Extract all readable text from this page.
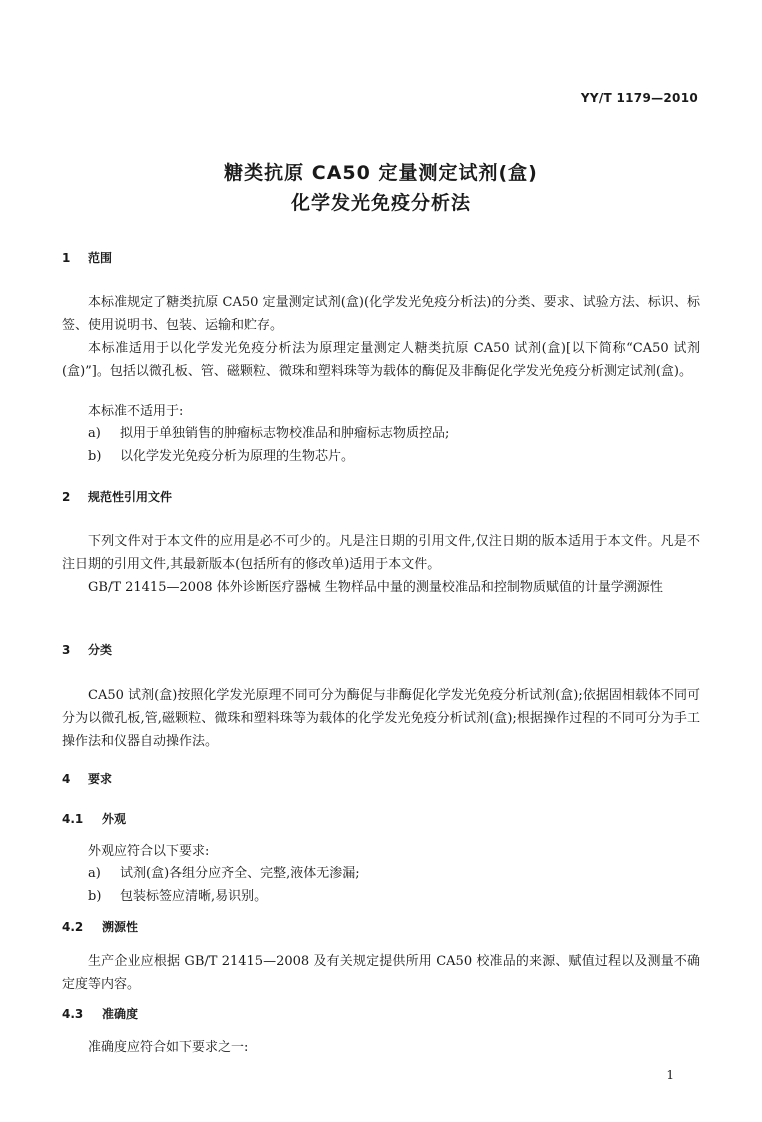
YY/T 1179—2010
糖类抗原 CA50 定量测定试剂(盒)
化学发光免疫分析法
1 范围
本标准规定了糖类抗原 CA50 定量测定试剂(盒)(化学发光免疫分析法)的分类、要求、试验方法、标识、标签、使用说明书、包装、运输和贮存。
本标准适用于以化学发光免疫分析法为原理定量测定人糖类抗原 CA50 试剂(盒)[以下简称“CA50 试剂(盒)”]。包括以微孔板、管、磁颗粒、微珠和塑料珠等为载体的酶促及非酶促化学发光免疫分析测定试剂(盒)。
本标准不适用于:
a) 拟用于单独销售的肿瘤标志物校准品和肿瘤标志物质控品;
b) 以化学发光免疫分析为原理的生物芯片。
2 规范性引用文件
下列文件对于本文件的应用是必不可少的。凡是注日期的引用文件,仅注日期的版本适用于本文件。凡是不注日期的引用文件,其最新版本(包括所有的修改单)适用于本文件。
GB/T 21415—2008 体外诊断医疗器械 生物样品中量的测量校准品和控制物质赋值的计量学溯源性
3 分类
CA50 试剂(盒)按照化学发光原理不同可分为酶促与非酶促化学发光免疫分析试剂(盒);依据固相载体不同可分为以微孔板,管,磁颗粒、微珠和塑料珠等为载体的化学发光免疫分析试剂(盒);根据操作过程的不同可分为手工操作法和仪器自动操作法。
4 要求
4.1 外观
外观应符合以下要求:
a) 试剂(盒)各组分应齐全、完整,液体无渗漏;
b) 包装标签应清晰,易识别。
4.2 溯源性
生产企业应根据 GB/T 21415—2008 及有关规定提供所用 CA50 校准品的来源、赋值过程以及测量不确定度等内容。
4.3 准确度
准确度应符合如下要求之一:
1
